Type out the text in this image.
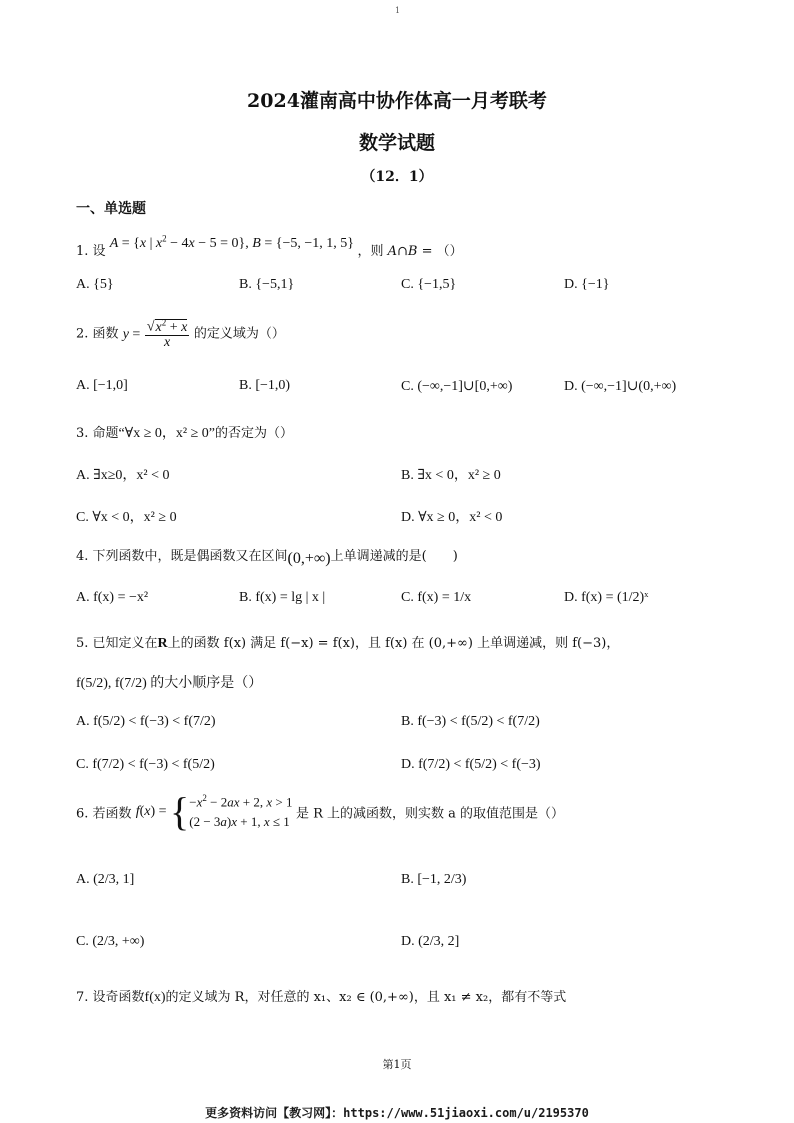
1
2024灌南高中协作体高一月考联考
数学试题
（12．1）
一、单选题
1. 设 A = {x | $x^2 - 4x - 5 = 0$}, B = {−5, −1, 1, 5} ，则 A∩B = （）
A. {5}	B. {−5,1}	C. {−1,5}	D. {−1}
2. 函数 $y = \frac{√x^2 + x}{x}$ 的定义域为（）
A. [−1,0]	B. [−1,0)	C. (−∞,−1]∪[0,+∞)	D. (−∞,−1]∪(0,+∞)
3. 命题“∀x ≥ 0，x² ≥ 0”的否定为（）
A. ∃x≥0，x² < 0	B. ∃x < 0，x² ≥ 0
C. ∀x < 0，x² ≥ 0	D. ∀x ≥ 0，x² < 0
4. 下列函数中，既是偶函数又在区间(0,+∞)上单调递减的是(　　)
A. f(x) = −x²	B. f(x) = lg | x |	C. f(x) = 1/x	D. f(x) = (1/2)ˣ
5. 已知定义在R上的函数 f(x) 满足 f(−x) = f(x)，且 f(x) 在 (0,+∞) 上单调递减，则 f(−3)，
f(5/2), f(7/2) 的大小顺序是（）
A. f(5/2) < f(−3) < f(7/2)	B. f(−3) < f(5/2) < f(7/2)
C. f(7/2) < f(−3) < f(5/2)	D. f(7/2) < f(5/2) < f(−3)
6. 若函数 $f(x) = \{-x^2 - 2ax + 2$, x > 1
(2 − 3a)x + 1, x ≤ 1 是 R 上的减函数，则实数 a 的取值范围是（）
A. (2/3, 1]	B. [−1, 2/3)
C. (2/3, +∞)	D. (2/3, 2]
7. 设奇函数f(x)的定义域为 R，对任意的 x₁、x₂ ∈ (0,+∞)，且 x₁ ≠ x₂，都有不等式
第1页
更多资料访问【教习网】：https://www.51jiaoxi.com/u/2195370
